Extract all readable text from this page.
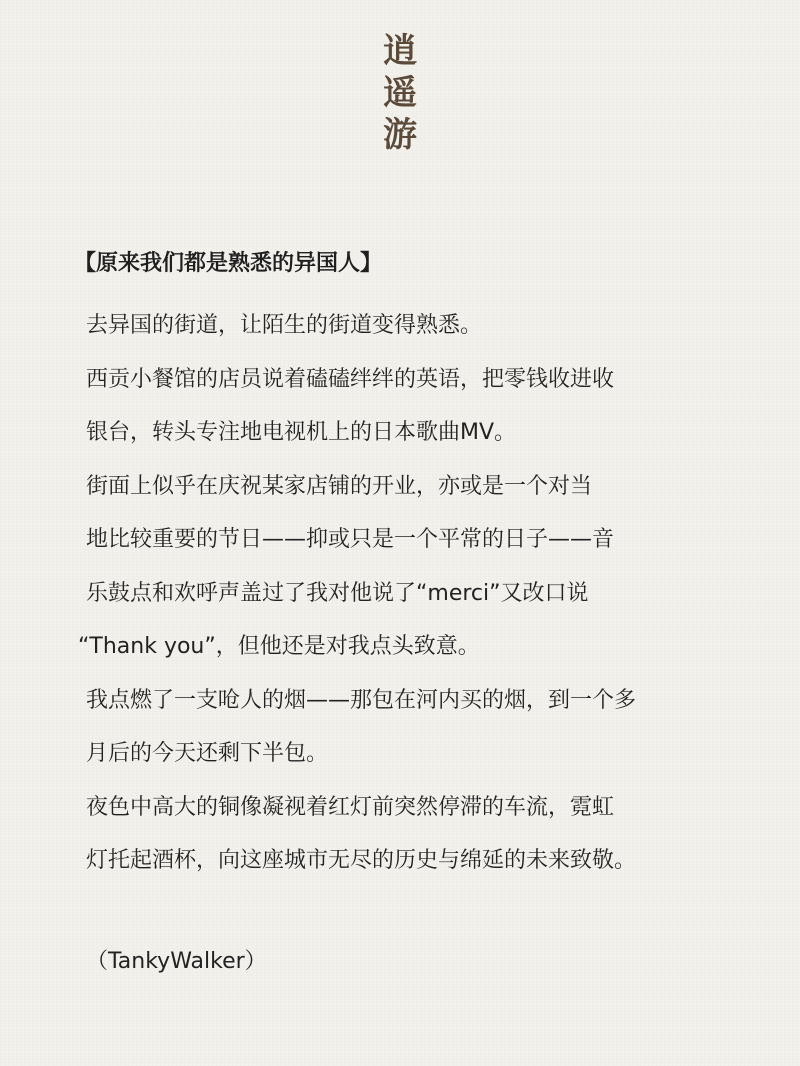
逍
遥
游
【原来我们都是熟悉的异国人】
去异国的街道，让陌生的街道变得熟悉。
西贡小餐馆的店员说着磕磕绊绊的英语，把零钱收进收
银台，转头专注地电视机上的日本歌曲MV。
街面上似乎在庆祝某家店铺的开业，亦或是一个对当
地比较重要的节日——抑或只是一个平常的日子——音
乐鼓点和欢呼声盖过了我对他说了“merci”又改口说
“Thank you”，但他还是对我点头致意。
我点燃了一支呛人的烟——那包在河内买的烟，到一个多
月后的今天还剩下半包。
夜色中高大的铜像凝视着红灯前突然停滞的车流，霓虹
灯托起酒杯，向这座城市无尽的历史与绵延的未来致敬。
（TankyWalker）
